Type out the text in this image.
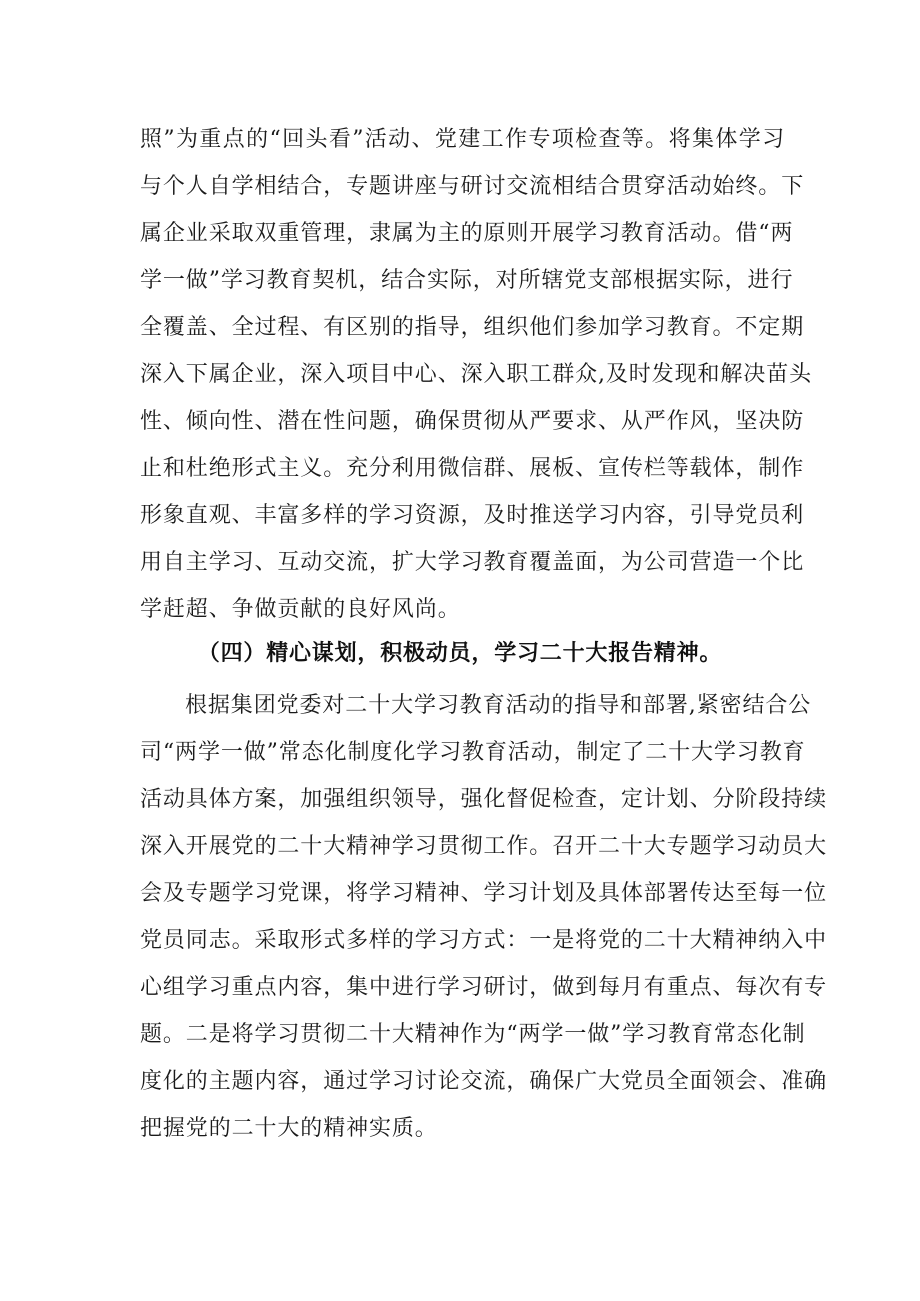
照”为重点的“回头看”活动、党建工作专项检查等。将集体学习
与个人自学相结合，专题讲座与研讨交流相结合贯穿活动始终。下
属企业采取双重管理，隶属为主的原则开展学习教育活动。借“两
学一做”学习教育契机，结合实际，对所辖党支部根据实际，进行
全覆盖、全过程、有区别的指导，组织他们参加学习教育。不定期
深入下属企业，深入项目中心、深入职工群众,及时发现和解决苗头
性、倾向性、潜在性问题，确保贯彻从严要求、从严作风，坚决防
止和杜绝形式主义。充分利用微信群、展板、宣传栏等载体，制作
形象直观、丰富多样的学习资源，及时推送学习内容，引导党员利
用自主学习、互动交流，扩大学习教育覆盖面，为公司营造一个比
学赶超、争做贡献的良好风尚。
（四）精心谋划，积极动员，学习二十大报告精神。
根据集团党委对二十大学习教育活动的指导和部署,紧密结合公
司“两学一做”常态化制度化学习教育活动，制定了二十大学习教育
活动具体方案，加强组织领导，强化督促检查，定计划、分阶段持续
深入开展党的二十大精神学习贯彻工作。召开二十大专题学习动员大
会及专题学习党课，将学习精神、学习计划及具体部署传达至每一位
党员同志。采取形式多样的学习方式：一是将党的二十大精神纳入中
心组学习重点内容，集中进行学习研讨，做到每月有重点、每次有专
题。二是将学习贯彻二十大精神作为“两学一做”学习教育常态化制
度化的主题内容，通过学习讨论交流，确保广大党员全面领会、准确
把握党的二十大的精神实质。
